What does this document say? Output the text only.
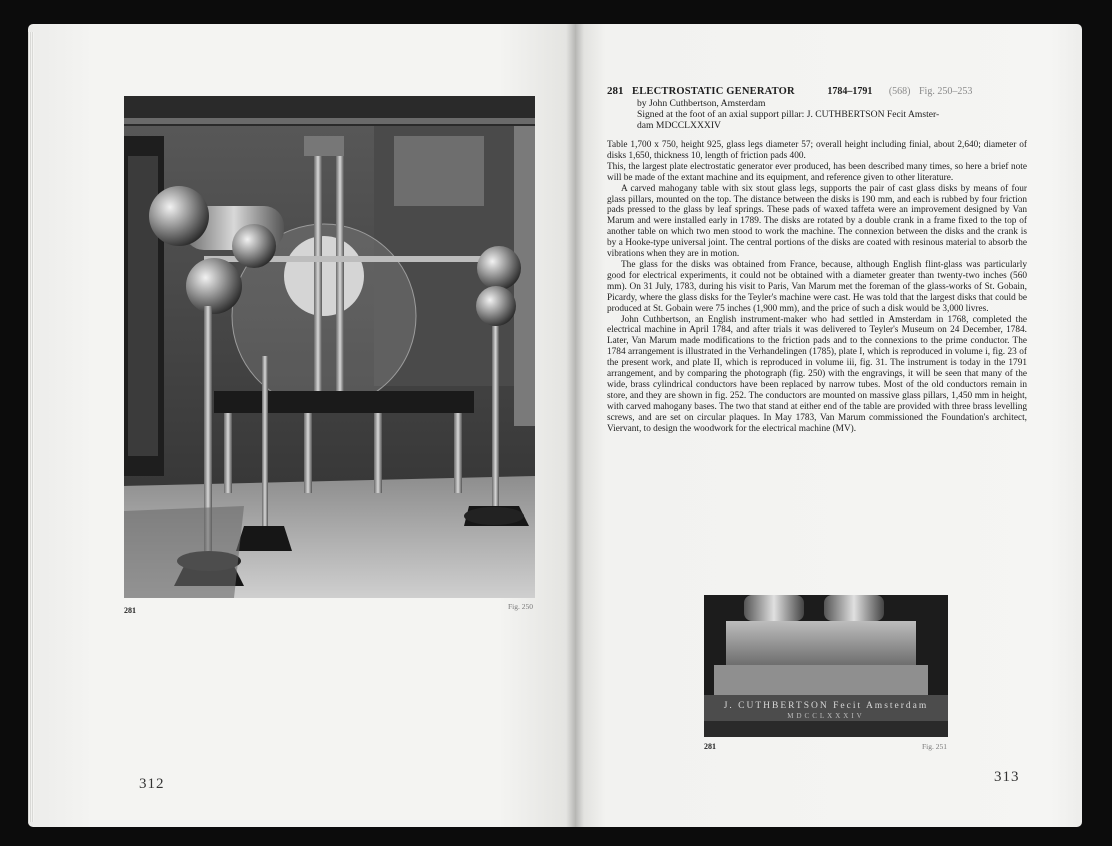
281	Fig. 250
312
281 ELECTROSTATIC GENERATOR	1784–1791 (568) Fig. 250–253
by John Cuthbertson, Amsterdam
Signed at the foot of an axial support pillar: J. CUTHBERTSON Fecit Amster-
dam MDCCLXXXIV

Table 1,700 x 750, height 925, glass legs diameter 57; overall height including finial, about 2,640; diameter of disks 1,650, thickness 10, length of friction pads 400.

This, the largest plate electrostatic generator ever produced, has been described many times, so here a brief note will be made of the extant machine and its equipment, and reference given to other literature.

A carved mahogany table with six stout glass legs, supports the pair of cast glass disks by means of four glass pillars, mounted on the top. The distance between the disks is 190 mm, and each is rubbed by four friction pads pressed to the glass by leaf springs. These pads of waxed taffeta were an improvement designed by Van Marum and were installed early in 1789. The disks are rotated by a double crank in a frame fixed to the top of another table on which two men stood to work the machine. The connexion between the disks and the crank is by a Hooke-type universal joint. The central portions of the disks are coated with resinous material to absorb the vibrations when they are in motion.

The glass for the disks was obtained from France, because, although English flint-glass was particularly good for electrical experiments, it could not be obtained with a diameter greater than twenty-two inches (560 mm). On 31 July, 1783, during his visit to Paris, Van Marum met the foreman of the glass-works of St. Gobain, Picardy, where the glass disks for the Teyler's machine were cast. He was told that the largest disks that could be produced at St. Gobain were 75 inches (1,900 mm), and the price of such a disk would be 3,000 livres.

John Cuthbertson, an English instrument-maker who had settled in Amsterdam in 1768, completed the electrical machine in April 1784, and after trials it was delivered to Teyler's Museum on 24 December, 1784. Later, Van Marum made modifications to the friction pads and to the connexions to the prime conductor. The 1784 arrangement is illustrated in the Verhandelingen (1785), plate I, which is reproduced in volume i, fig. 23 of the present work, and plate II, which is reproduced in volume iii, fig. 31. The instrument is today in the 1791 arrangement, and by comparing the photograph (fig. 250) with the engravings, it will be seen that many of the wide, brass cylindrical conductors have been replaced by narrow tubes. Most of the old conductors remain in store, and they are shown in fig. 252. The conductors are mounted on massive glass pillars, 1,450 mm in height, with carved mahogany bases. The two that stand at either end of the table are provided with three brass levelling screws, and are set on circular plaques. In May 1783, Van Marum commissioned the Foundation's architect, Viervant, to design the woodwork for the electrical machine (MV).

J. CUTHBERTSON Fecit Amsterdam
MDCCLXXXIV
281	Fig. 251
313
